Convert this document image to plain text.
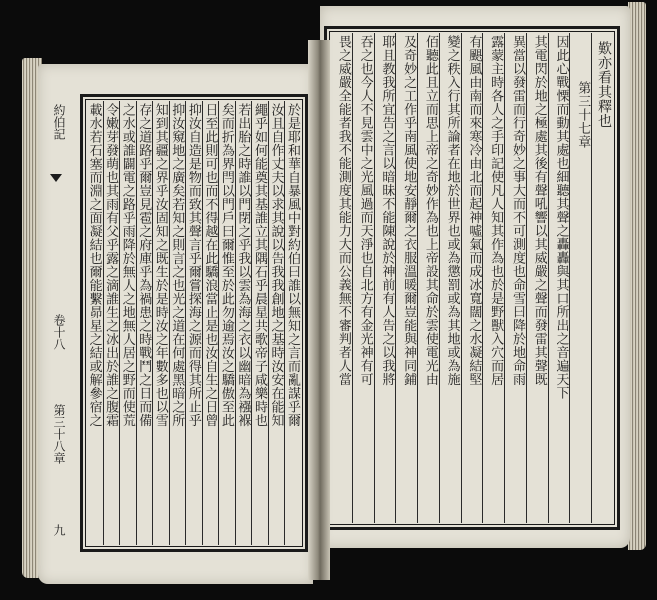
約伯記
卷十八
第三十八章
九
於是耶和華自暴風中對約伯曰誰以無知之言而亂謀乎爾
汝且自作丈夫以求其說以告我我創地之基時汝安在能知
繩乎如何能奠其基誰立其隅石乎晨星共歌帝子咸樂時也
若出胎之時誰以門閉之乎我以雲為海之衣以幽暗為襁褓
矣而折為界閂以門戶曰爾惟至於此勿逾焉汝之驕傲至此
日至此則可也而不得越在此驕浪當止是也汝自生之日曾
抑汝自造是物而致其聲言乎爾嘗探海之源而得其所止乎
抑汝窺地之廣矣若知之則言之也光之道在何處黑暗之所
知到其疆之界乎汝固知之既生於是時汝之年數多也以雪
存之道路乎爾豈見雹之府庫乎為禍患之時戰鬥之日而備
之水或誰闢電之路乎雨降於無人之地無人居之野而使荒
令嫩芽發萌也其雨有父乎露之滴誰生之冰出於誰之腹霜
載水若石塞而淵之面凝結也爾能繫昴星之結或解參宿之
歎亦看其釋也
第三十七章
因此心戰慄而動其處也細聽其聲之轟轟與其口所出之音遍天下
其電閃於地之極處其後有聲吼響以其威嚴之聲而發雷其聲既
異當以發雷而行奇妙之事大而不可測度也命雪曰降於地命雨
露蒙主時各人之手印記使凡人知其作為也於是野獸入穴而居
有颶風由南而來寒冷由北而起神噓氣而成冰寬闊之水凝結堅
變之秩入行其所論者在地於世界也或為懲罰或為其地或為施
佰聽此且立而思上帝之奇妙作為也上帝設其命於雲使電光由
及奇妙之工作乎南風使地安靜爾之衣服溫暖爾豈能與神同鋪
耶且教我所宜告之言以暗昧不能陳說於神前有人告之以我將
吞之也今人不見雲中之光風過而天淨也自北方有金光神有可
畏之威嚴全能者我不能測度其能力大而公義無不審判者人當
